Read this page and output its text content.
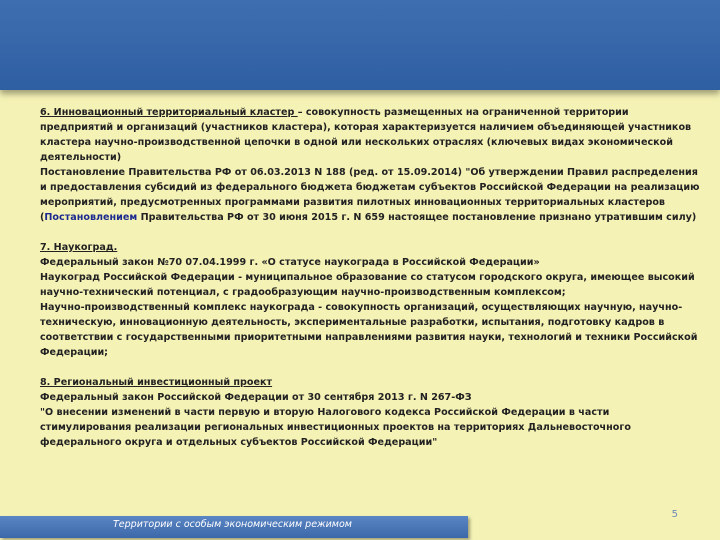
6. Инновационный территориальный кластер – совокупность размещенных на ограниченной территории предприятий и организаций (участников кластера), которая характеризуется наличием объединяющей участников кластера научно-производственной цепочки в одной или нескольких отраслях (ключевых видах экономической деятельности)

Постановление Правительства РФ от 06.03.2013 N 188 (ред. от 15.09.2014) "Об утверждении Правил распределения и предоставления субсидий из федерального бюджета бюджетам субъектов Российской Федерации на реализацию мероприятий, предусмотренных программами развития пилотных инновационных территориальных кластеров (Постановлением Правительства РФ от 30 июня 2015 г. N 659 настоящее постановление признано утратившим силу)

7. Наукоград.

Федеральный закон №70 07.04.1999 г. «О статусе наукограда в Российской Федерации»

Наукоград Российской Федерации - муниципальное образование со статусом городского округа, имеющее высокий научно-технический потенциал, с градообразующим научно-производственным комплексом;

Научно-производственный комплекс наукограда - совокупность организаций, осуществляющих научную, научно-техническую, инновационную деятельность, экспериментальные разработки, испытания, подготовку кадров в соответствии с государственными приоритетными направлениями развития науки, технологий и техники Российской Федерации;

8. Региональный инвестиционный проект

Федеральный закон Российской Федерации от 30 сентября 2013 г. N 267-ФЗ

"О внесении изменений в части первую и вторую Налогового кодекса Российской Федерации в части стимулирования реализации региональных инвестиционных проектов на территориях Дальневосточного федерального округа и отдельных субъектов Российской Федерации"

5
Территории с особым экономическим режимом
